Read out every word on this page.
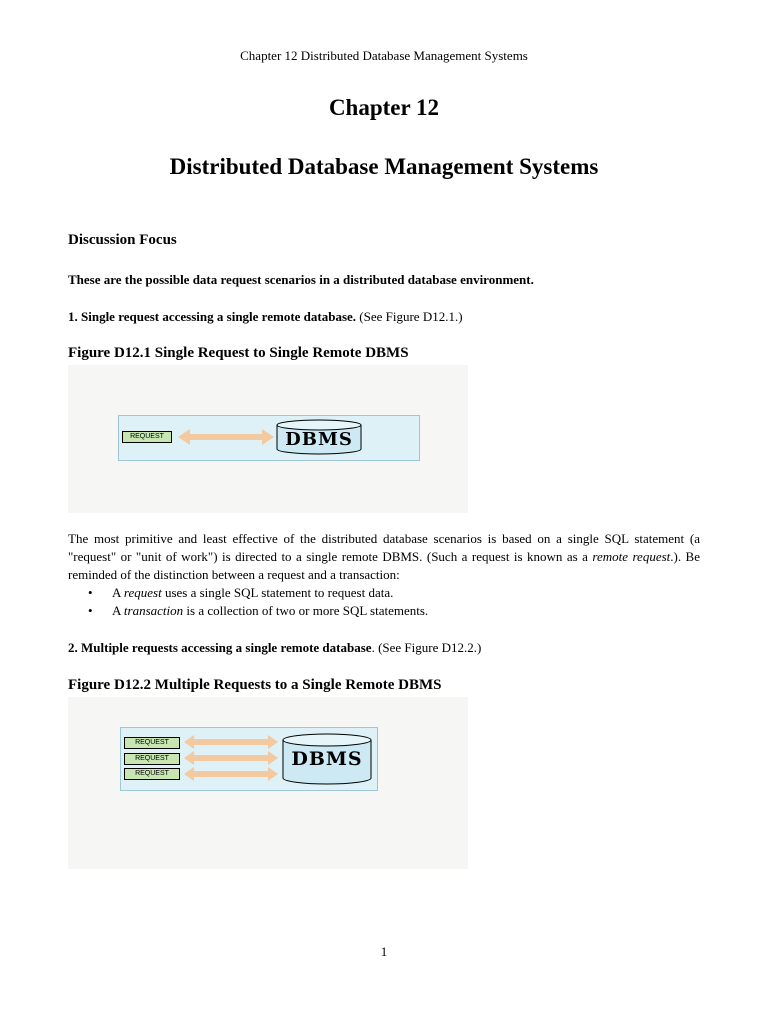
Chapter 12 Distributed Database Management Systems
Chapter 12
Distributed Database Management Systems
Discussion Focus
These are the possible data request scenarios in a distributed database environment.
1. Single request accessing a single remote database. (See Figure D12.1.)
Figure D12.1 Single Request to Single Remote DBMS
REQUEST	DBMS
The most primitive and least effective of the distributed database scenarios is based on a single SQL statement (a "request" or "unit of work") is directed to a single remote DBMS. (Such a request is known as a remote request.). Be reminded of the distinction between a request and a transaction:
•	A request uses a single SQL statement to request data.
•	A transaction is a collection of two or more SQL statements.
2. Multiple requests accessing a single remote database. (See Figure D12.2.)
Figure D12.2 Multiple Requests to a Single Remote DBMS
REQUEST
REQUEST
REQUEST
DBMS
1
